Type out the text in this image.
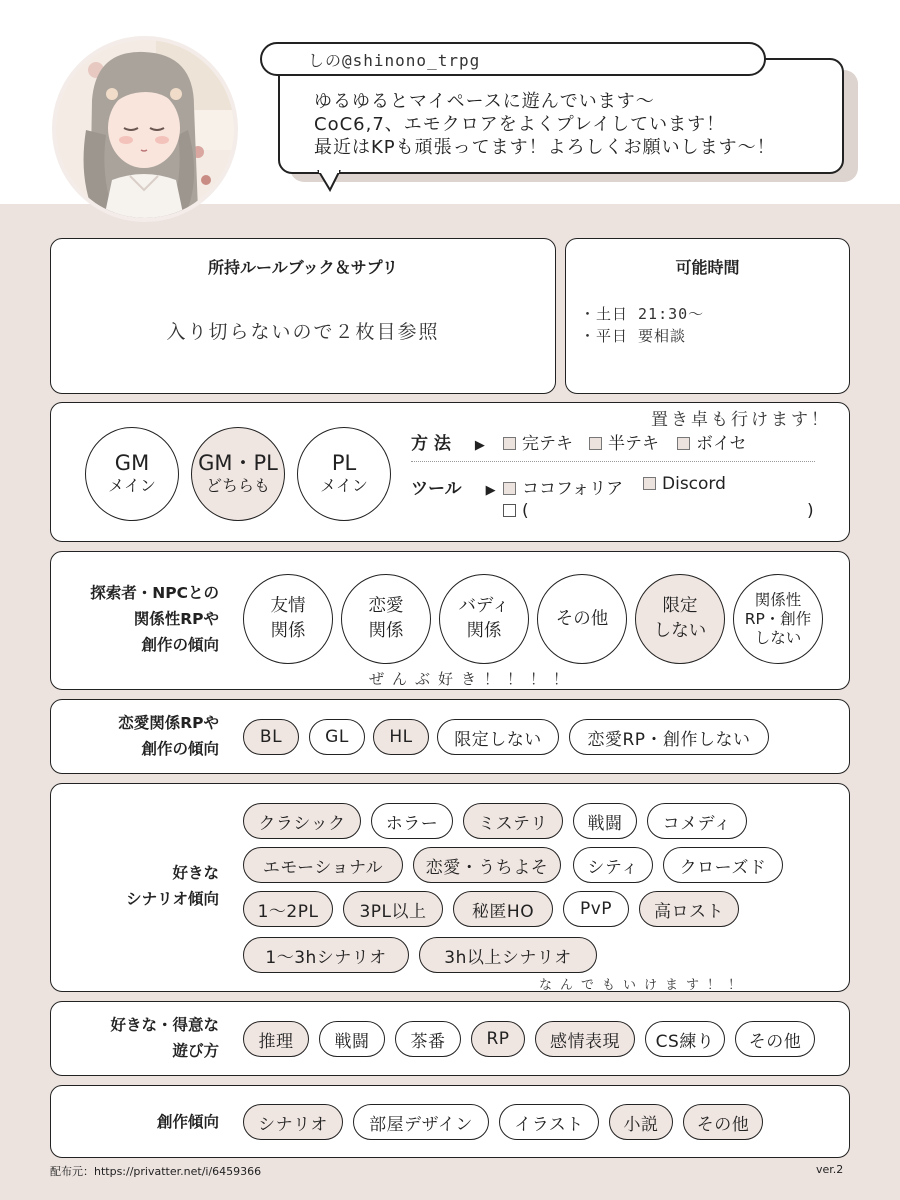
ゆるゆるとマイペースに遊んでいます〜
CoC6,7、エモクロアをよくプレイしています！
最近はKPも頑張ってます！よろしくお願いします〜！
しの@shinono_trpg
所持ルールブック＆サプリ
入り切らないので２枚目参照
可能時間
・土日 21:30〜
・平日 要相談
GM
メイン
GM・PL
どちらも
PL
メイン
置き卓も行けます！
方 法 ▶	完テキ	半テキ	ボイセ
ツール ▶	ココフォリア	Discord
(	)
探索者・NPCとの
関係性RPや
創作の傾向
友情
関係
恋愛
関係
バディ
関係
その他
限定
しない
関係性
RP・創作
しない
ぜんぶ好き！！！！
恋愛関係RPや
創作の傾向
BL	GL	HL	限定しない	恋愛RP・創作しない
好きな
シナリオ傾向
クラシック	ホラー	ミステリ	戦闘	コメディ
エモーショナル	恋愛・うちよそ	シティ	クローズド
1〜2PL	3PL以上	秘匿HO	PvP	高ロスト
1〜3hシナリオ	3h以上シナリオ
なんでもいけます！！
好きな・得意な
遊び方	推理	戦闘	茶番	RP	感情表現	CS練り	その他
創作傾向	シナリオ	部屋デザイン	イラスト	小説	その他
配布元：https://privatter.net/i/6459366	ver.2
